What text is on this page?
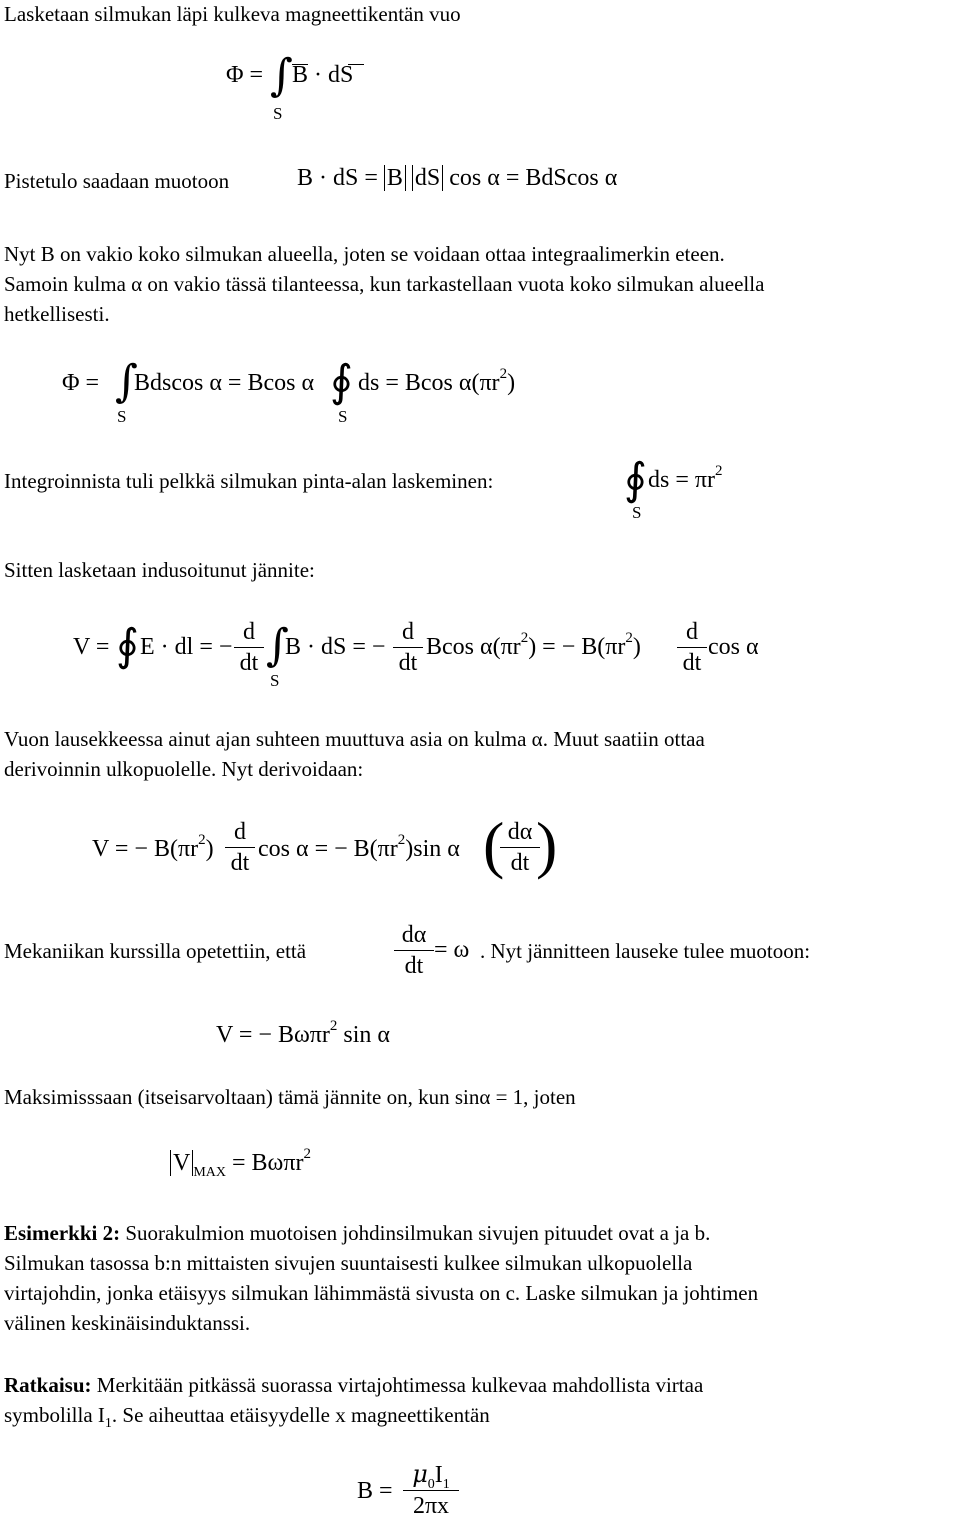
Lasketaan silmukan läpi kulkeva magneettikentän vuo
Φ = ∫ B · dS
S
Pistetulo saadaan muotoon	B · dS = B dS cos α = BdScos α
Nyt B on vakio koko silmukan alueella, joten se voidaan ottaa integraalimerkin eteen.
Samoin kulma α on vakio tässä tilanteessa, kun tarkastellaan vuota koko silmukan alueella
hetkellisesti.
Φ = ∫
Bdscos α = Bcos α ∮ ds = Bcos $\alpha(\pi r^2)$
S	S
Integroinnista tuli pelkkä silmukan pinta-alan laskeminen:	∮ ds = $\pi r^2$
S
Sitten lasketaan indusoitunut jännite:
V = ∮ E · dl = −
d
dt ∫
S
B · dS = −
d
dt
Bcos $\alpha(\pi r^2)$ = − $B(\pi r^2)$
d
dt
cos α
Vuon lausekkeessa ainut ajan suhteen muuttuva asia on kulma α. Muut saatiin ottaa
derivoinnin ulkopuolelle. Nyt derivoidaan:
V = − $B(\pi r^2)$
d
dt
cos α = − $B(\pi r^2)\sin$ α ( dα
dt )
Mekaniikan kurssilla opetettiin, että
dα
dt
= ω . Nyt jännitteen lauseke tulee muotoon:
V = − Bωπr$^2$ sin α
Maksimisssaan (itseisarvoltaan) tämä jännite on, kun sinα = 1, joten
V $_{MAX}$ = Bωπr$^2$
Esimerkki 2: Suorakulmion muotoisen johdinsilmukan sivujen pituudet ovat a ja b.
Silmukan tasossa b:n mittaisten sivujen suuntaisesti kulkee silmukan ulkopuolella
virtajohdin, jonka etäisyys silmukan lähimmästä sivusta on c. Laske silmukan ja johtimen
välinen keskinäisinduktanssi.
Ratkaisu: Merkitään pitkässä suorassa virtajohtimessa kulkevaa mahdollista virtaa
symbolilla $I_1$. Se aiheuttaa etäisyydelle x magneettikentän
B =
$\mu_0I_1$
2πx
